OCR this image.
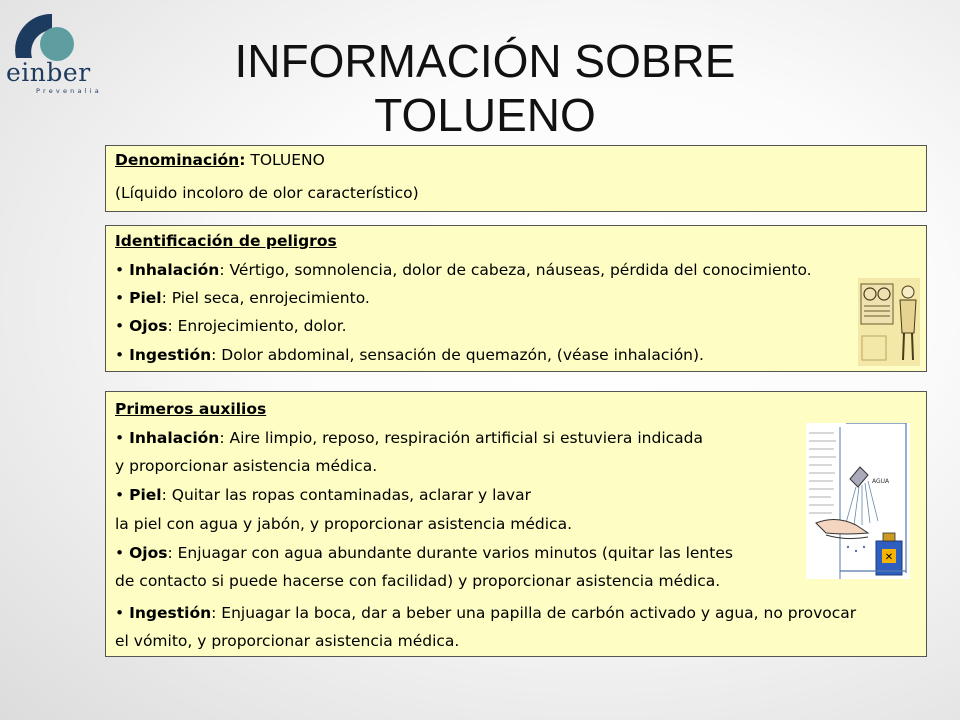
einber
Prevenalia
INFORMACIÓN SOBRE TOLUENO
Denominación: TOLUENO
(Líquido incoloro de olor característico)
Identificación de peligros
• Inhalación: Vértigo, somnolencia, dolor de cabeza, náuseas, pérdida del conocimiento.
• Piel: Piel seca, enrojecimiento.
• Ojos: Enrojecimiento, dolor.
• Ingestión: Dolor abdominal, sensación de quemazón, (véase inhalación).
Primeros auxilios
• Inhalación: Aire limpio, reposo, respiración artificial si estuviera indicada
y proporcionar asistencia médica.
• Piel: Quitar las ropas contaminadas, aclarar y lavar
la piel con agua y jabón, y proporcionar asistencia médica.
• Ojos: Enjuagar con agua abundante durante varios minutos (quitar las lentes
de contacto si puede hacerse con facilidad) y proporcionar asistencia médica.
• Ingestión: Enjuagar la boca, dar a beber una papilla de carbón activado y agua, no provocar
el vómito, y proporcionar asistencia médica.
AGUA
✕
